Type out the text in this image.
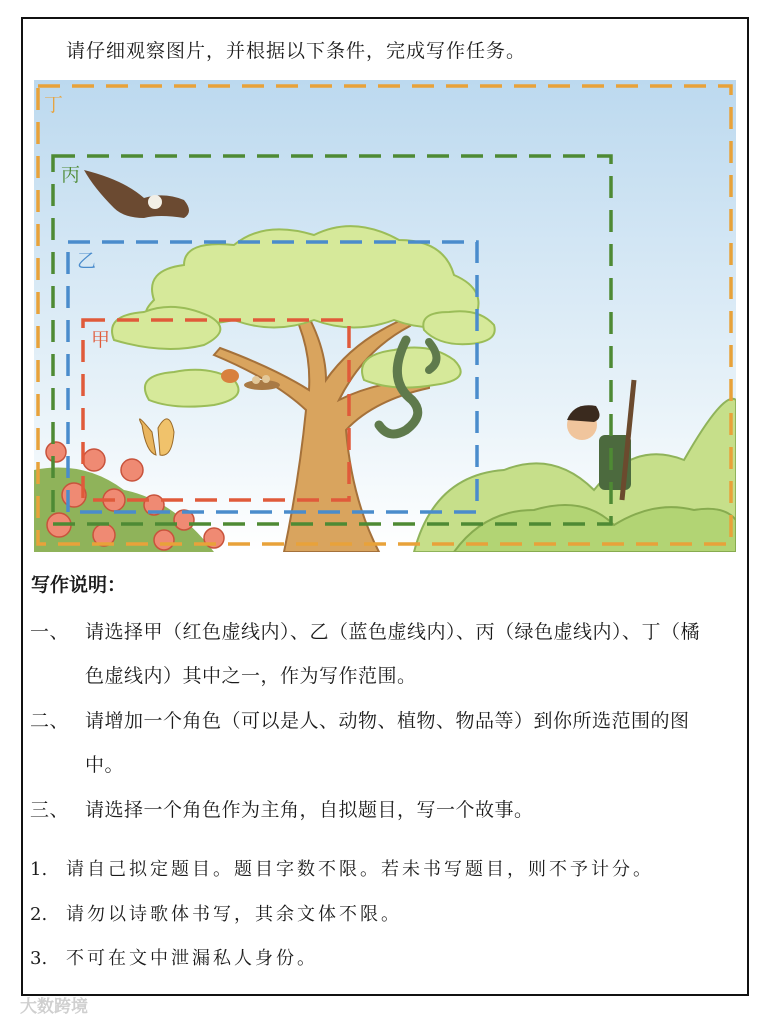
请仔细观察图片，并根据以下条件，完成写作任务。
丁
丙
乙
甲
写作说明：
一、 请选择甲（红色虚线内）、乙（蓝色虚线内）、丙（绿色虚线内）、丁（橘
色虚线内）其中之一，作为写作范围。
二、 请增加一个角色（可以是人、动物、植物、物品等）到你所选范围的图
中。
三、 请选择一个角色作为主角，自拟题目，写一个故事。
1. 请自己拟定题目。题目字数不限。若未书写题目，则不予计分。
2. 请勿以诗歌体书写，其余文体不限。
3. 不可在文中泄漏私人身份。
大数跨境
